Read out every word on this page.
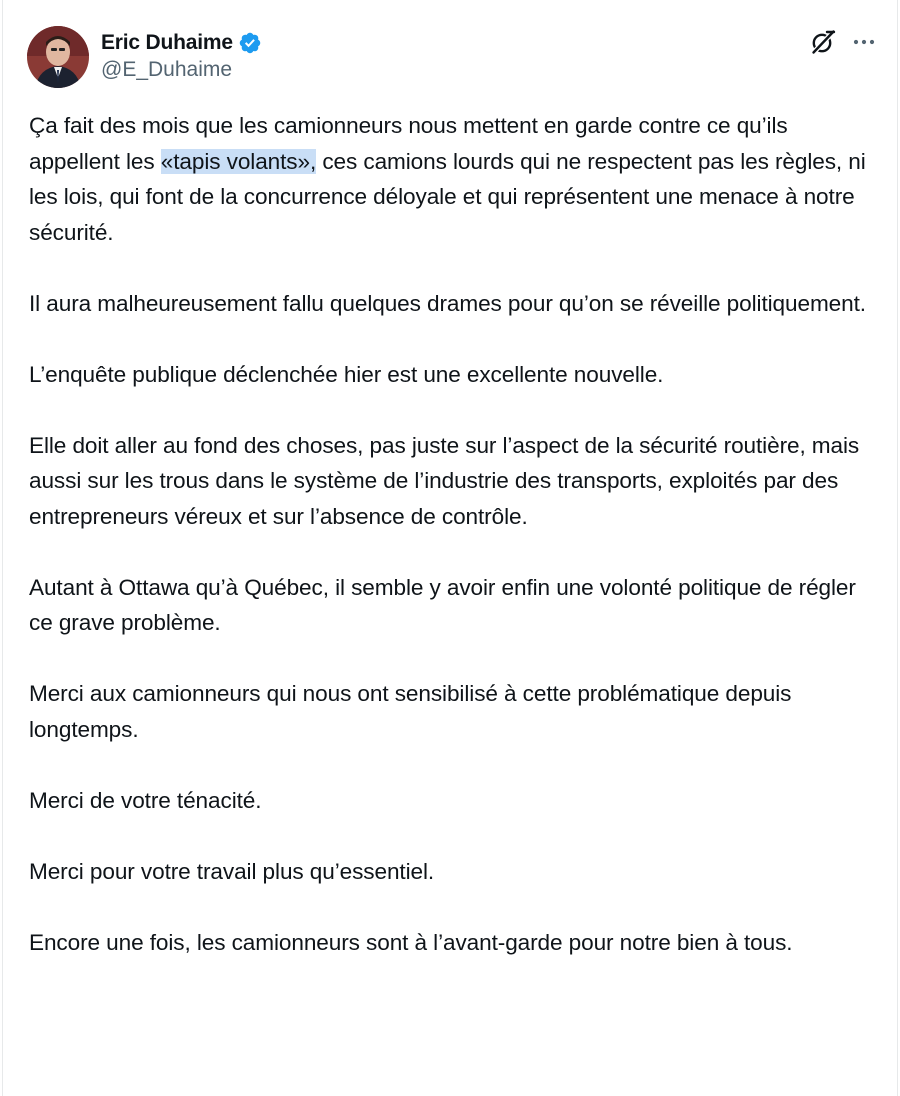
Eric Duhaime
@E_Duhaime

Ça fait des mois que les camionneurs nous mettent en garde contre ce qu’ils appellent les «tapis volants», ces camions lourds qui ne respectent pas les règles, ni les lois, qui font de la concurrence déloyale et qui représentent une menace à notre sécurité.

Il aura malheureusement fallu quelques drames pour qu’on se réveille politiquement.

L’enquête publique déclenchée hier est une excellente nouvelle.

Elle doit aller au fond des choses, pas juste sur l’aspect de la sécurité routière, mais aussi sur les trous dans le système de l’industrie des transports, exploités par des entrepreneurs véreux et sur l’absence de contrôle.

Autant à Ottawa qu’à Québec, il semble y avoir enfin une volonté politique de régler ce grave problème.

Merci aux camionneurs qui nous ont sensibilisé à cette problématique depuis longtemps.

Merci de votre ténacité.

Merci pour votre travail plus qu’essentiel.

Encore une fois, les camionneurs sont à l’avant-garde pour notre bien à tous.
